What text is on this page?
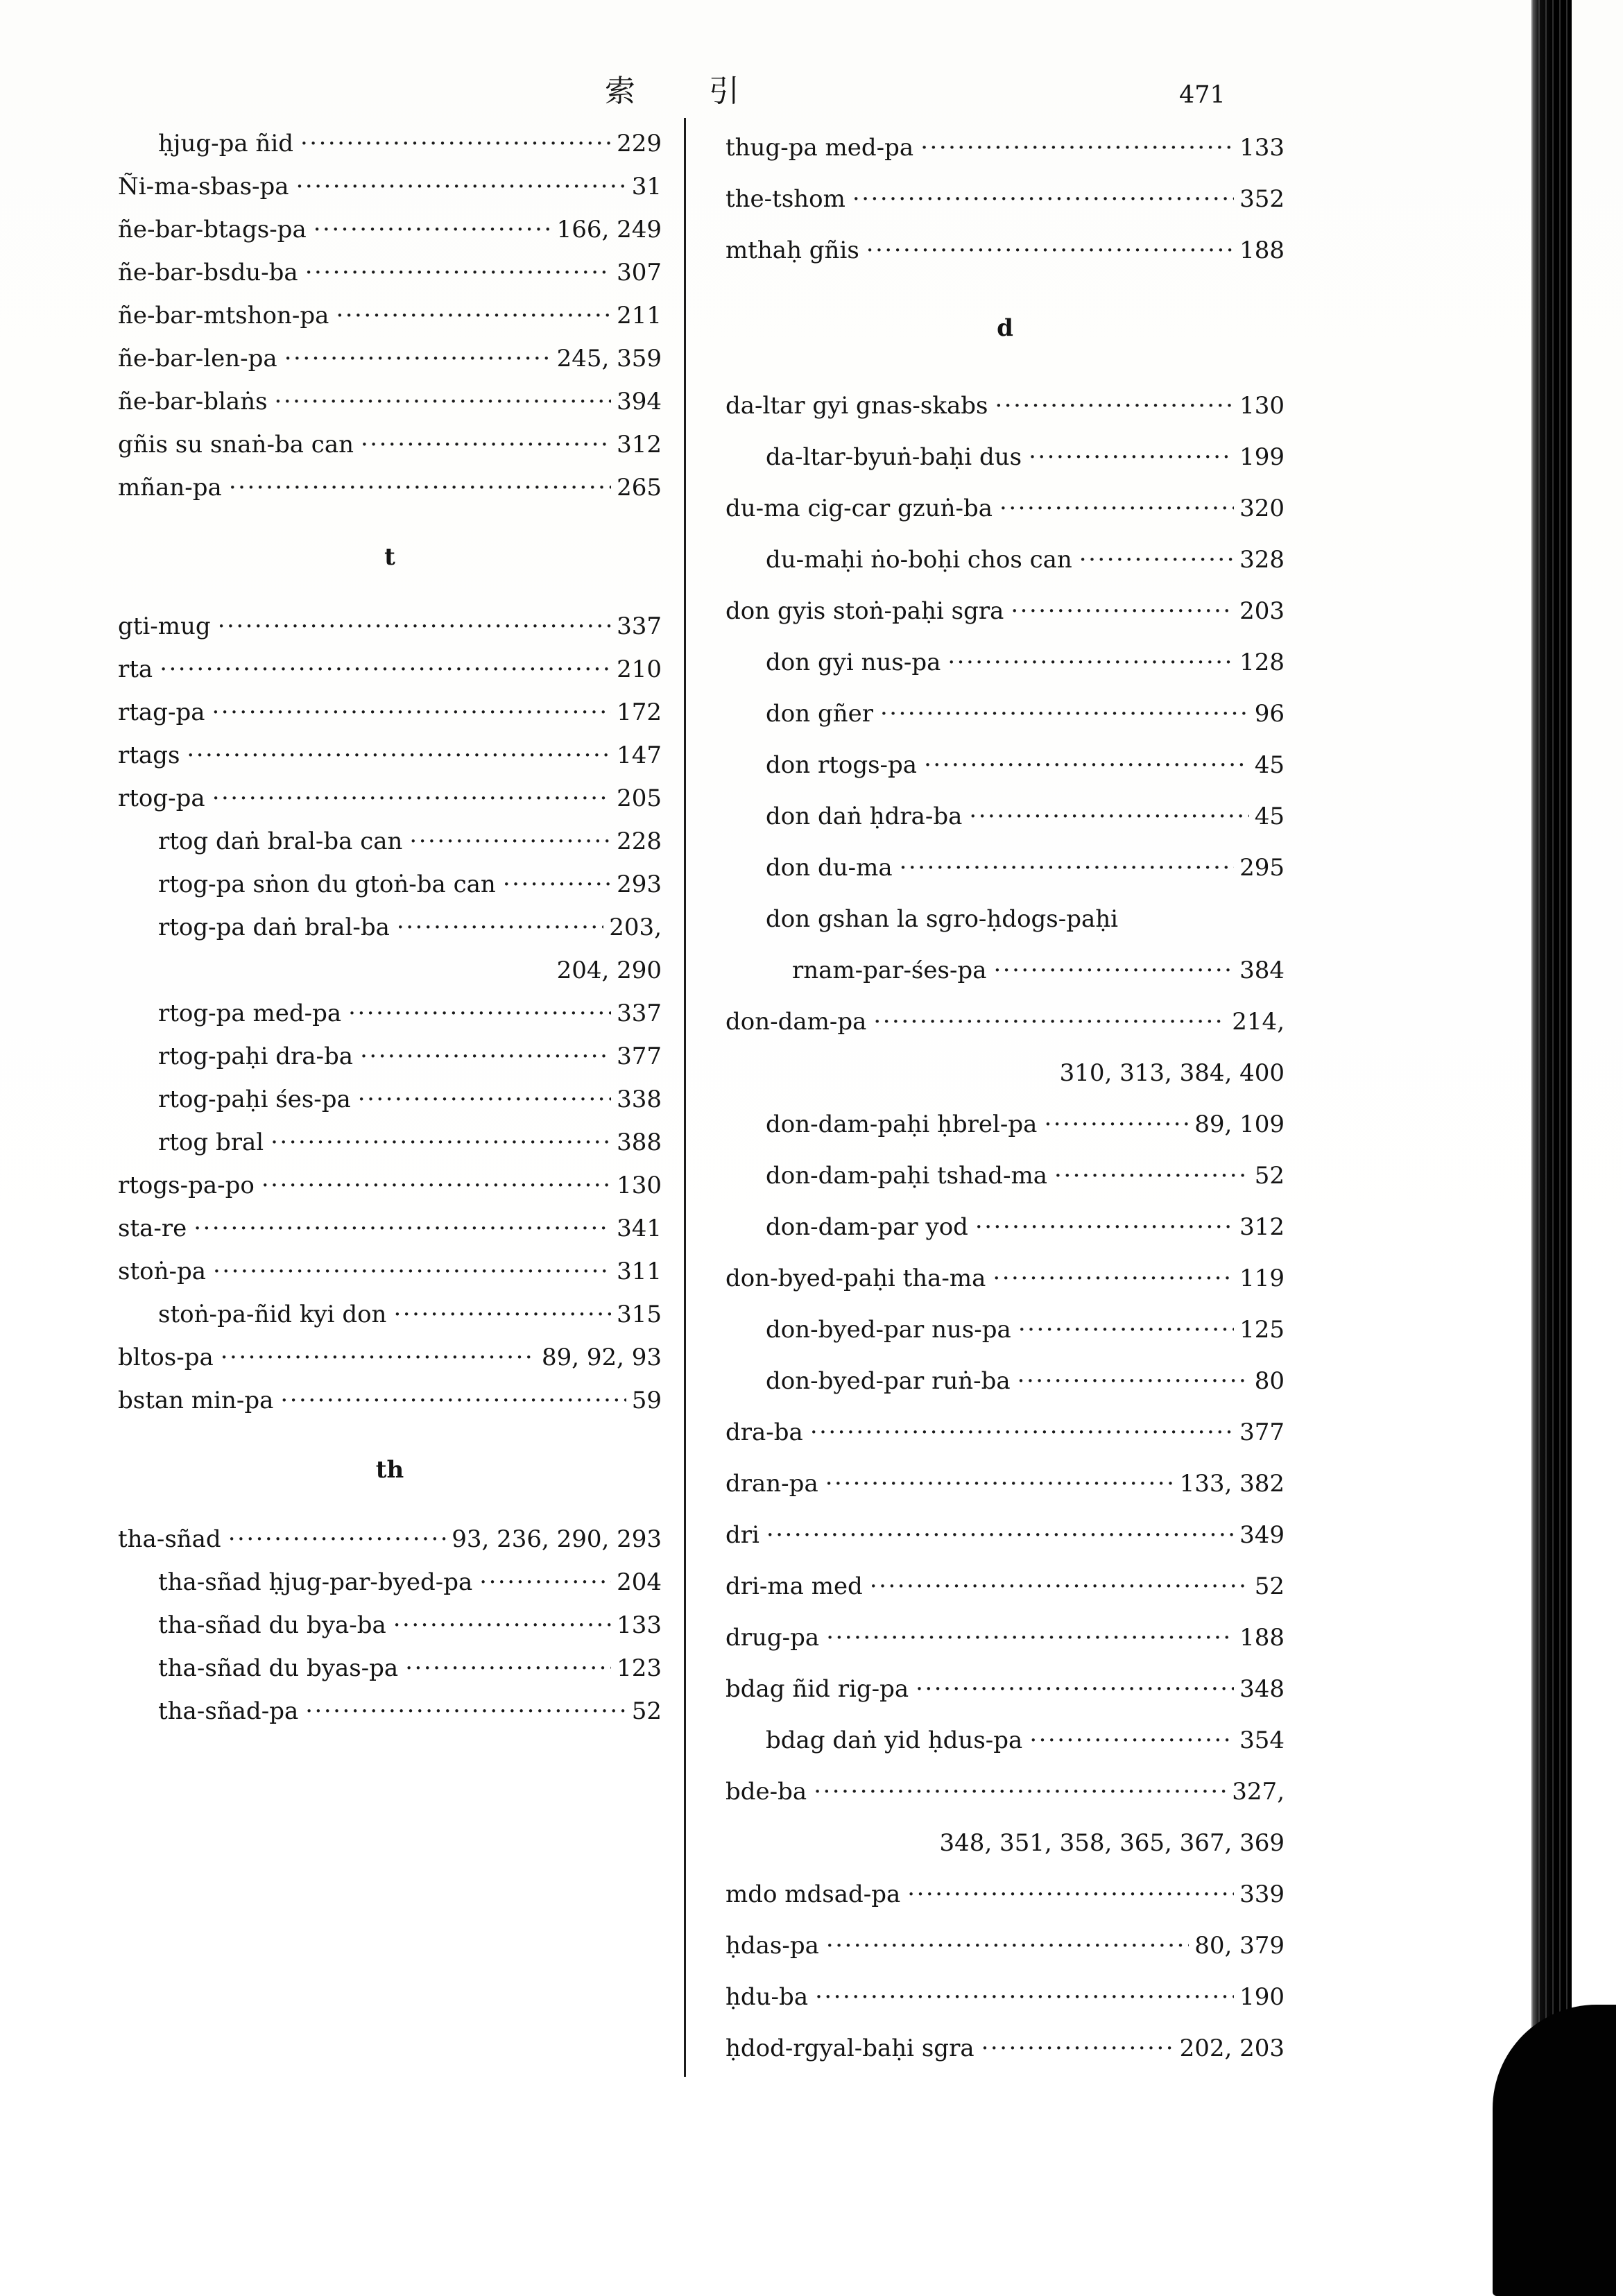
索 引	471
ḥjug-pa ñid ·····	229
Ñi-ma-sbas-pa ·····	31
ñe-bar-btags-pa ·····	166, 249
ñe-bar-bsdu-ba ·····	307
ñe-bar-mtshon-pa ·····	211
ñe-bar-len-pa ·····	245, 359
ñe-bar-blaṅs ·····	394
gñis su snaṅ-ba can ·····	312
mñan-pa ·····	265
t
gti-mug ·····	337
rta ·····	210
rtag-pa ·····	172
rtags ·····	147
rtog-pa ·····	205
rtog daṅ bral-ba can ·····	228
rtog-pa sṅon du gtoṅ-ba can ·····	293
rtog-pa daṅ bral-ba ·····	203,
204, 290
rtog-pa med-pa ·····	337
rtog-paḥi dra-ba ·····	377
rtog-paḥi śes-pa ·····	338
rtog bral ·····	388
rtogs-pa-po ·····	130
sta-re ·····	341
stoṅ-pa ·····	311
stoṅ-pa-ñid kyi don ·····	315
bltos-pa ·····	89, 92, 93
bstan min-pa ·····	59
th
tha-sñad ·····	93, 236, 290, 293
tha-sñad ḥjug-par-byed-pa ·····	204
tha-sñad du bya-ba ·····	133
tha-sñad du byas-pa ·····	123
tha-sñad-pa ·····	52
thug-pa med-pa ·····	133
the-tshom ·····	352
mthaḥ gñis ·····	188
d
da-ltar gyi gnas-skabs ·····	130
da-ltar-byuṅ-baḥi dus ·····	199
du-ma cig-car gzuṅ-ba ·····	320
du-maḥi ṅo-boḥi chos can ·····	328
don gyis stoṅ-paḥi sgra ·····	203
don gyi nus-pa ·····	128
don gñer ·····	96
don rtogs-pa ·····	45
don daṅ ḥdra-ba ·····	45
don du-ma ·····	295
don gshan la sgro-ḥdogs-paḥi
rnam-par-śes-pa ·····	384
don-dam-pa ·····	214,
310, 313, 384, 400
don-dam-paḥi ḥbrel-pa ·····	89, 109
don-dam-paḥi tshad-ma ·····	52
don-dam-par yod ·····	312
don-byed-paḥi tha-ma ·····	119
don-byed-par nus-pa ·····	125
don-byed-par ruṅ-ba ·····	80
dra-ba ·····	377
dran-pa ·····	133, 382
dri ·····	349
dri-ma med ·····	52
drug-pa ·····	188
bdag ñid rig-pa ·····	348
bdag daṅ yid ḥdus-pa ·····	354
bde-ba ·····	327,
348, 351, 358, 365, 367, 369
mdo mdsad-pa ·····	339
ḥdas-pa ·····	80, 379
ḥdu-ba ·····	190
ḥdod-rgyal-baḥi sgra ·····	202, 203
